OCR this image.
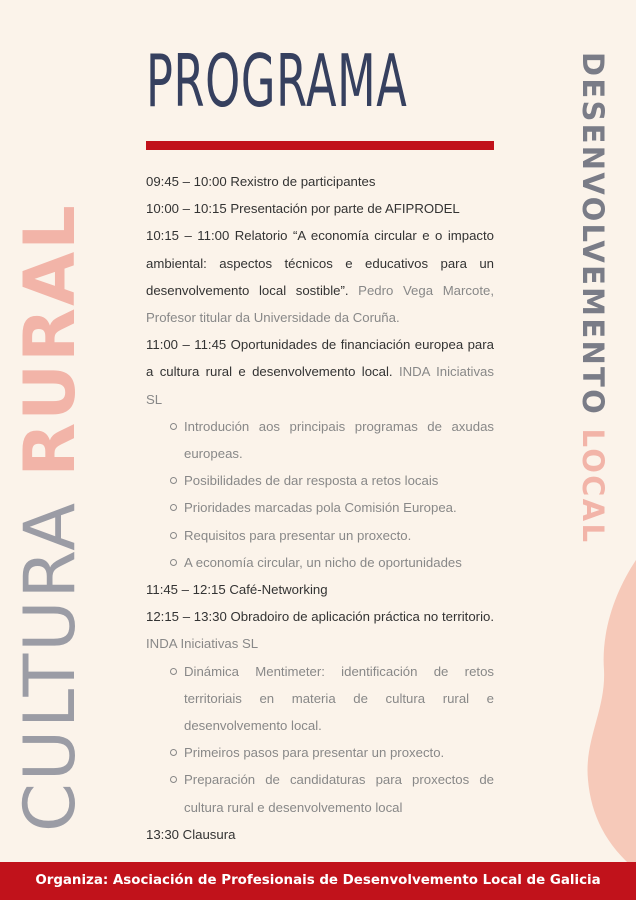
PROGRAMA
CULTURA RURAL	DESENVOLVEMENTO LOCAL

09:45 – 10:00 Rexistro de participantes

10:00 – 10:15 Presentación por parte de AFIPRODEL

10:15 – 11:00 Relatorio “A economía circular e o impacto ambiental: aspectos técnicos e educativos para un desenvolvemento local sostible”. Pedro Vega Marcote, Profesor titular da Universidade da Coruña.

11:00 – 11:45 Oportunidades de financiación europea para a cultura rural e desenvolvemento local. INDA Iniciativas SL

Introdución aos principais programas de axudas europeas.
Posibilidades de dar resposta a retos locais
Prioridades marcadas pola Comisión Europea.
Requisitos para presentar un proxecto.
A economía circular, un nicho de oportunidades

11:45 – 12:15 Café-Networking

12:15 – 13:30 Obradoiro de aplicación práctica no territorio. INDA Iniciativas SL

Dinámica Mentimeter: identificación de retos territoriais en materia de cultura rural e desenvolvemento local.
Primeiros pasos para presentar un proxecto.
Preparación de candidaturas para proxectos de cultura rural e desenvolvemento local

13:30 Clausura

Organiza: Asociación de Profesionais de Desenvolvemento Local de Galicia
